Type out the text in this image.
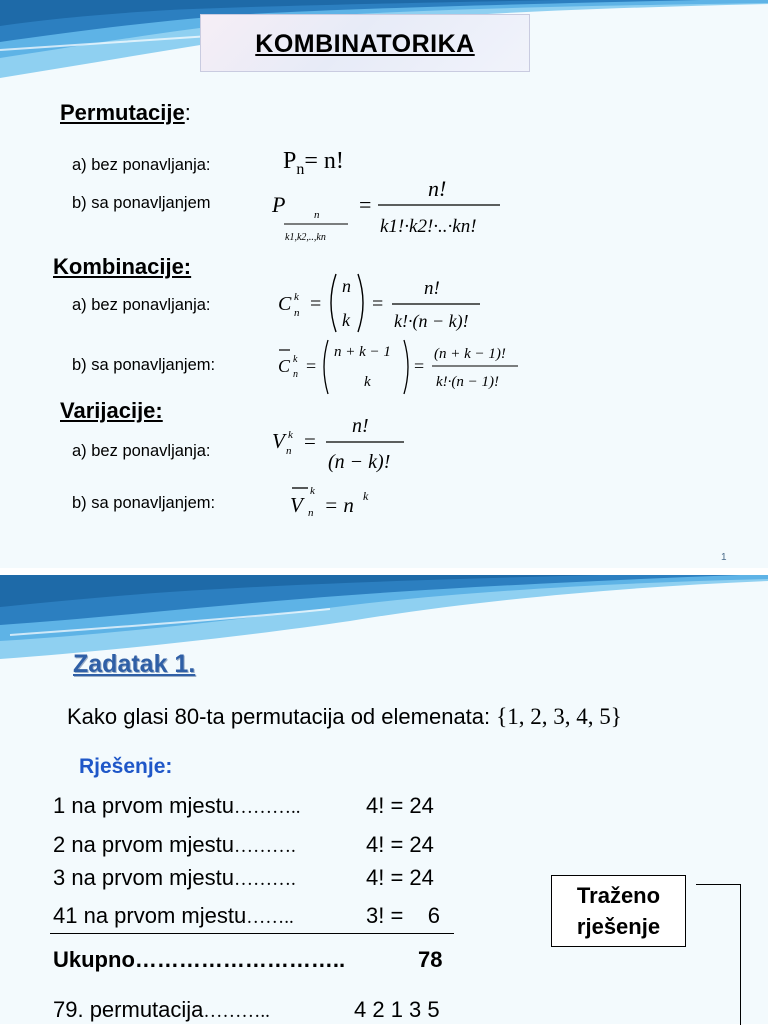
KOMBINATORIKA
Permutacije:
a) bez ponavljanja:	$P_n= n$!
b) sa ponavljanjem	P	n
k1,k2,..,kn
=
n!
k1!·k2!·..·kn!
Kombinacije:
a) bez ponavljanja:	C k
n =
n
k
=
n!
k!·(n − k)!
b) sa ponavljanjem:	C k
n =
n + k − 1
k
=
(n + k − 1)!
k!·(n − 1)!
Varijacije:
a) bez ponavljanja:	V k
n =
n!
(n − k)!
b) sa ponavljanjem:	V
k
n = n k
1
Zadatak 1.
Kako glasi 80-ta permutacija od elemenata: {1, 2, 3, 4, 5}
Rješenje:
1 na prvom mjestu………..	4! = 24
2 na prvom mjestu……….	4! = 24
3 na prvom mjestu……….	4! = 24
41 na prvom mjestu……..	3! =    6
Ukupno………………………..	78
79. permutacija………..	4 2 1 3 5
Traženo
rješenje
